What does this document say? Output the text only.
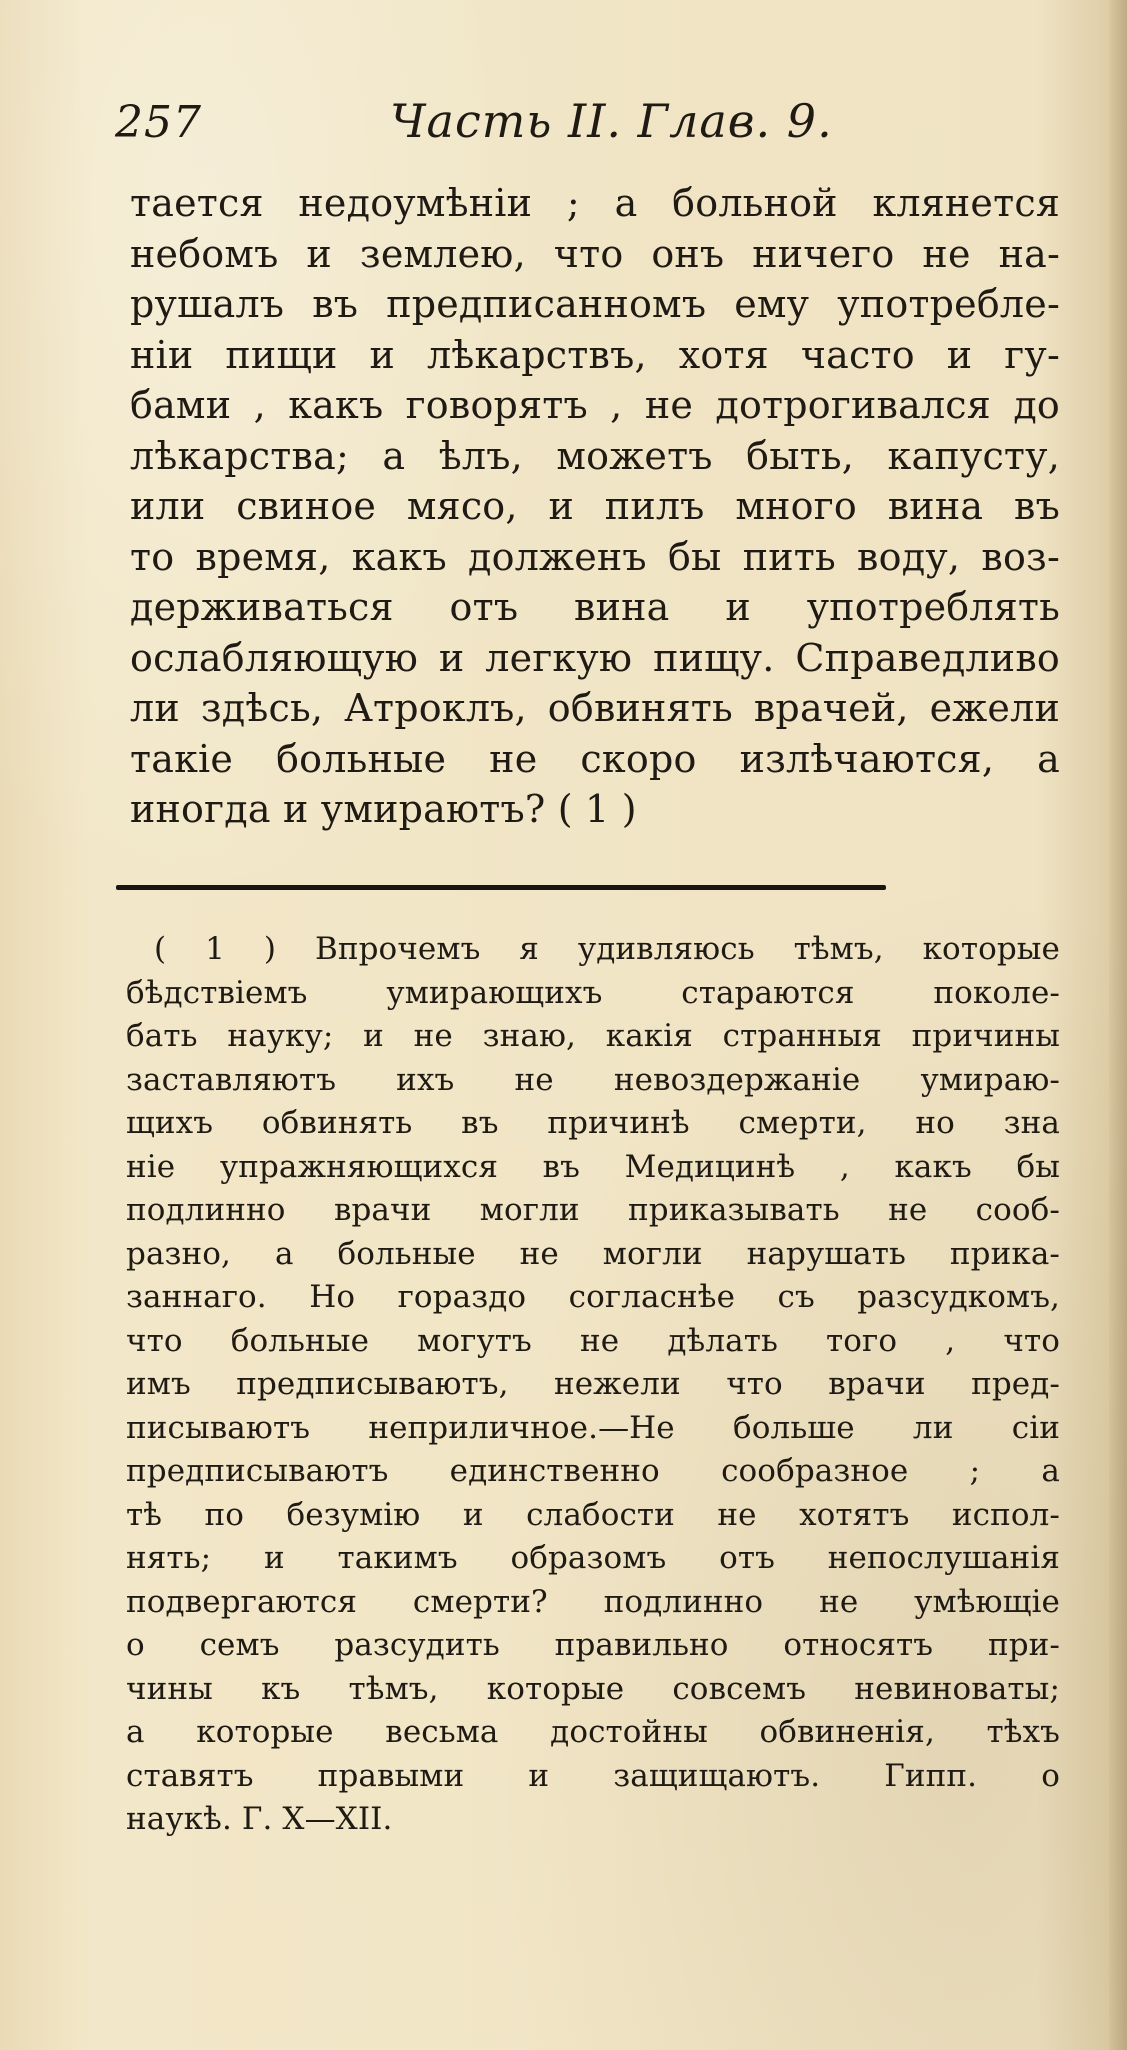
257	Часть II. Глав. 9.
тается недоумѣнiи ; а больной клянется
небомъ и землею, что онъ ничего не на-
рушалъ въ предписанномъ ему употребле-
нiи пищи и лѣкарствъ, хотя часто и гу-
бами , какъ говорятъ , не дотрогивался до
лѣкарства; а ѣлъ, можетъ быть, капусту,
или свиное мясо, и пилъ много вина въ
то время, какъ долженъ бы пить воду, воз-
держиваться отъ вина и употреблять
ослабляющую и легкую пищу. Справедливо
ли здѣсь, Атроклъ, обвинять врачей, ежели
такiе больные не скоро излѣчаются, а
иногда и умираютъ? ( 1 )
( 1 ) Впрочемъ я удивляюсь тѣмъ, которые
бѣдствiемъ умирающихъ стараются поколе-
бать науку; и не знаю, какiя странныя причины
заставляютъ ихъ не невоздержанiе умираю-
щихъ обвинять въ причинѣ смерти, но зна
нiе упражняющихся въ Медицинѣ , какъ бы
подлинно врачи могли приказывать не сооб-
разно, а больные не могли нарушать прика-
заннаго. Но гораздо согласнѣе съ разсудкомъ,
что больные могутъ не дѣлать того , что
имъ предписываютъ, нежели что врачи пред-
писываютъ неприличное.—Не больше ли сiи
предписываютъ единственно сообразное ; а
тѣ по безумiю и слабости не хотятъ испол-
нять; и такимъ образомъ отъ непослушанiя
подвергаются смерти? подлинно не умѣющiе
о семъ разсудить правильно относятъ при-
чины къ тѣмъ, которые совсемъ невиноваты;
а которые весьма достойны обвиненiя, тѣхъ
ставятъ правыми и защищаютъ. Гипп. о
наукѣ. Г. X—XII.
